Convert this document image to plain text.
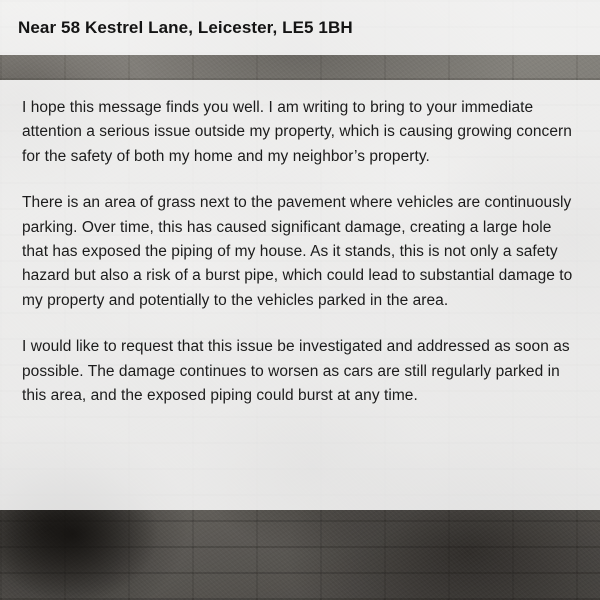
Near 58 Kestrel Lane, Leicester, LE5 1BH

I hope this message finds you well. I am writing to bring to your immediate attention a serious issue outside my property, which is causing growing concern for the safety of both my home and my neighbor’s property.

There is an area of grass next to the pavement where vehicles are continuously parking. Over time, this has caused significant damage, creating a large hole that has exposed the piping of my house. As it stands, this is not only a safety hazard but also a risk of a burst pipe, which could lead to substantial damage to my property and potentially to the vehicles parked in the area.

I would like to request that this issue be investigated and addressed as soon as possible. The damage continues to worsen as cars are still regularly parked in this area, and the exposed piping could burst at any time.
